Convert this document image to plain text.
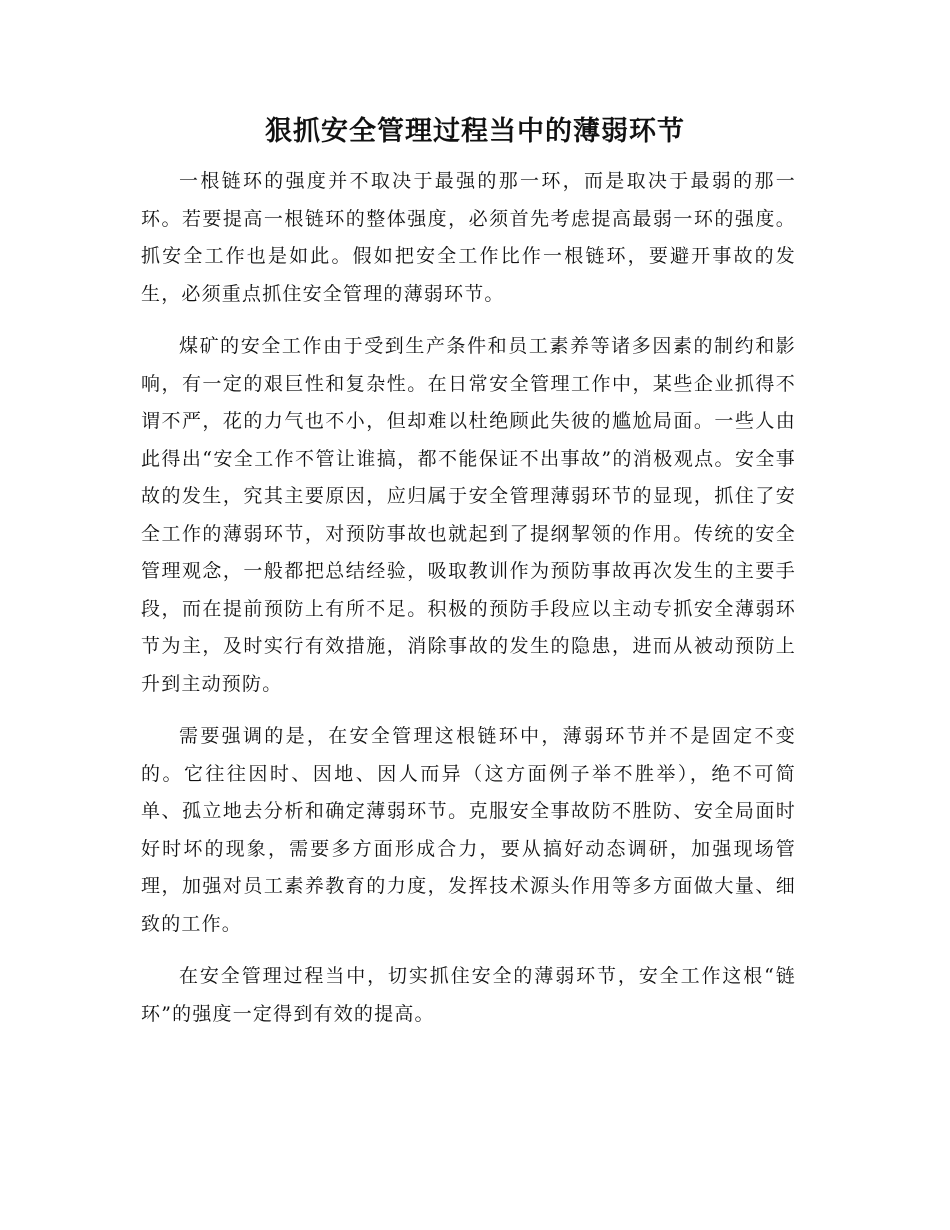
狠抓安全管理过程当中的薄弱环节

一根链环的强度并不取决于最强的那一环，而是取决于最弱的那一环。若要提高一根链环的整体强度，必须首先考虑提高最弱一环的强度。抓安全工作也是如此。假如把安全工作比作一根链环，要避开事故的发生，必须重点抓住安全管理的薄弱环节。

煤矿的安全工作由于受到生产条件和员工素养等诸多因素的制约和影响，有一定的艰巨性和复杂性。在日常安全管理工作中，某些企业抓得不谓不严，花的力气也不小，但却难以杜绝顾此失彼的尴尬局面。一些人由此得出“安全工作不管让谁搞，都不能保证不出事故”的消极观点。安全事故的发生，究其主要原因，应归属于安全管理薄弱环节的显现，抓住了安全工作的薄弱环节，对预防事故也就起到了提纲挈领的作用。传统的安全管理观念，一般都把总结经验，吸取教训作为预防事故再次发生的主要手段，而在提前预防上有所不足。积极的预防手段应以主动专抓安全薄弱环节为主，及时实行有效措施，消除事故的发生的隐患，进而从被动预防上升到主动预防。

需要强调的是，在安全管理这根链环中，薄弱环节并不是固定不变的。它往往因时、因地、因人而异（这方面例子举不胜举），绝不可简单、孤立地去分析和确定薄弱环节。克服安全事故防不胜防、安全局面时好时坏的现象，需要多方面形成合力，要从搞好动态调研，加强现场管理，加强对员工素养教育的力度，发挥技术源头作用等多方面做大量、细致的工作。

在安全管理过程当中，切实抓住安全的薄弱环节，安全工作这根“链环”的强度一定得到有效的提高。
